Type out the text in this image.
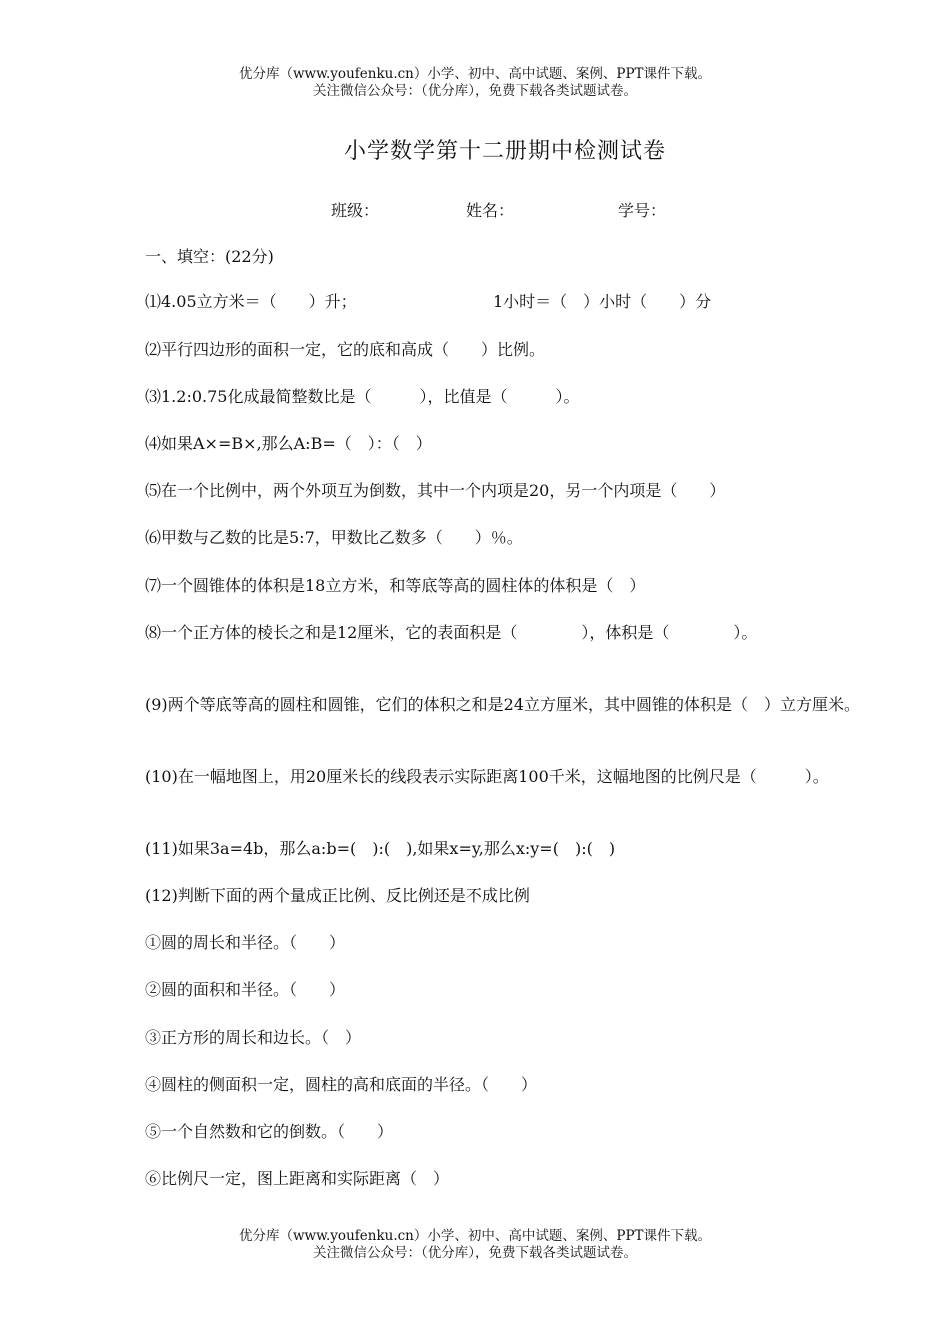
优分库（www.youfenku.cn）小学、初中、高中试题、案例、PPT课件下载。
关注微信公众号：（优分库），免费下载各类试题试卷。
小学数学第十二册期中检测试卷
班级：	姓名：	学号：
一、填空：(22分)
⑴4.05立方米＝（　　）升；	1小时＝（　）小时（　　）分
⑵平行四边形的面积一定，它的底和高成（　　）比例。
⑶1.2:0.75化成最简整数比是（　　　），比值是（　　　）。
⑷如果A×=B×,那么A:B=（　）：（　）
⑸在一个比例中，两个外项互为倒数，其中一个内项是20，另一个内项是（　　）
⑹甲数与乙数的比是5:7，甲数比乙数多（　　）％。
⑺一个圆锥体的体积是18立方米，和等底等高的圆柱体的体积是（　）
⑻一个正方体的棱长之和是12厘米，它的表面积是（　　　　），体积是（　　　　）。
(9)两个等底等高的圆柱和圆锥，它们的体积之和是24立方厘米，其中圆锥的体积是（　）立方厘米。
(10)在一幅地图上，用20厘米长的线段表示实际距离100千米，这幅地图的比例尺是（　　　）。
(11)如果3a=4b，那么a:b=(　):(　),如果x=y,那么x:y=(　):(　)
(12)判断下面的两个量成正比例、反比例还是不成比例
①圆的周长和半径。（　　）
②圆的面积和半径。（　　）
③正方形的周长和边长。（　）
④圆柱的侧面积一定，圆柱的高和底面的半径。（　　）
⑤一个自然数和它的倒数。（　　）
⑥比例尺一定，图上距离和实际距离（　）
优分库（www.youfenku.cn）小学、初中、高中试题、案例、PPT课件下载。
关注微信公众号：（优分库），免费下载各类试题试卷。
